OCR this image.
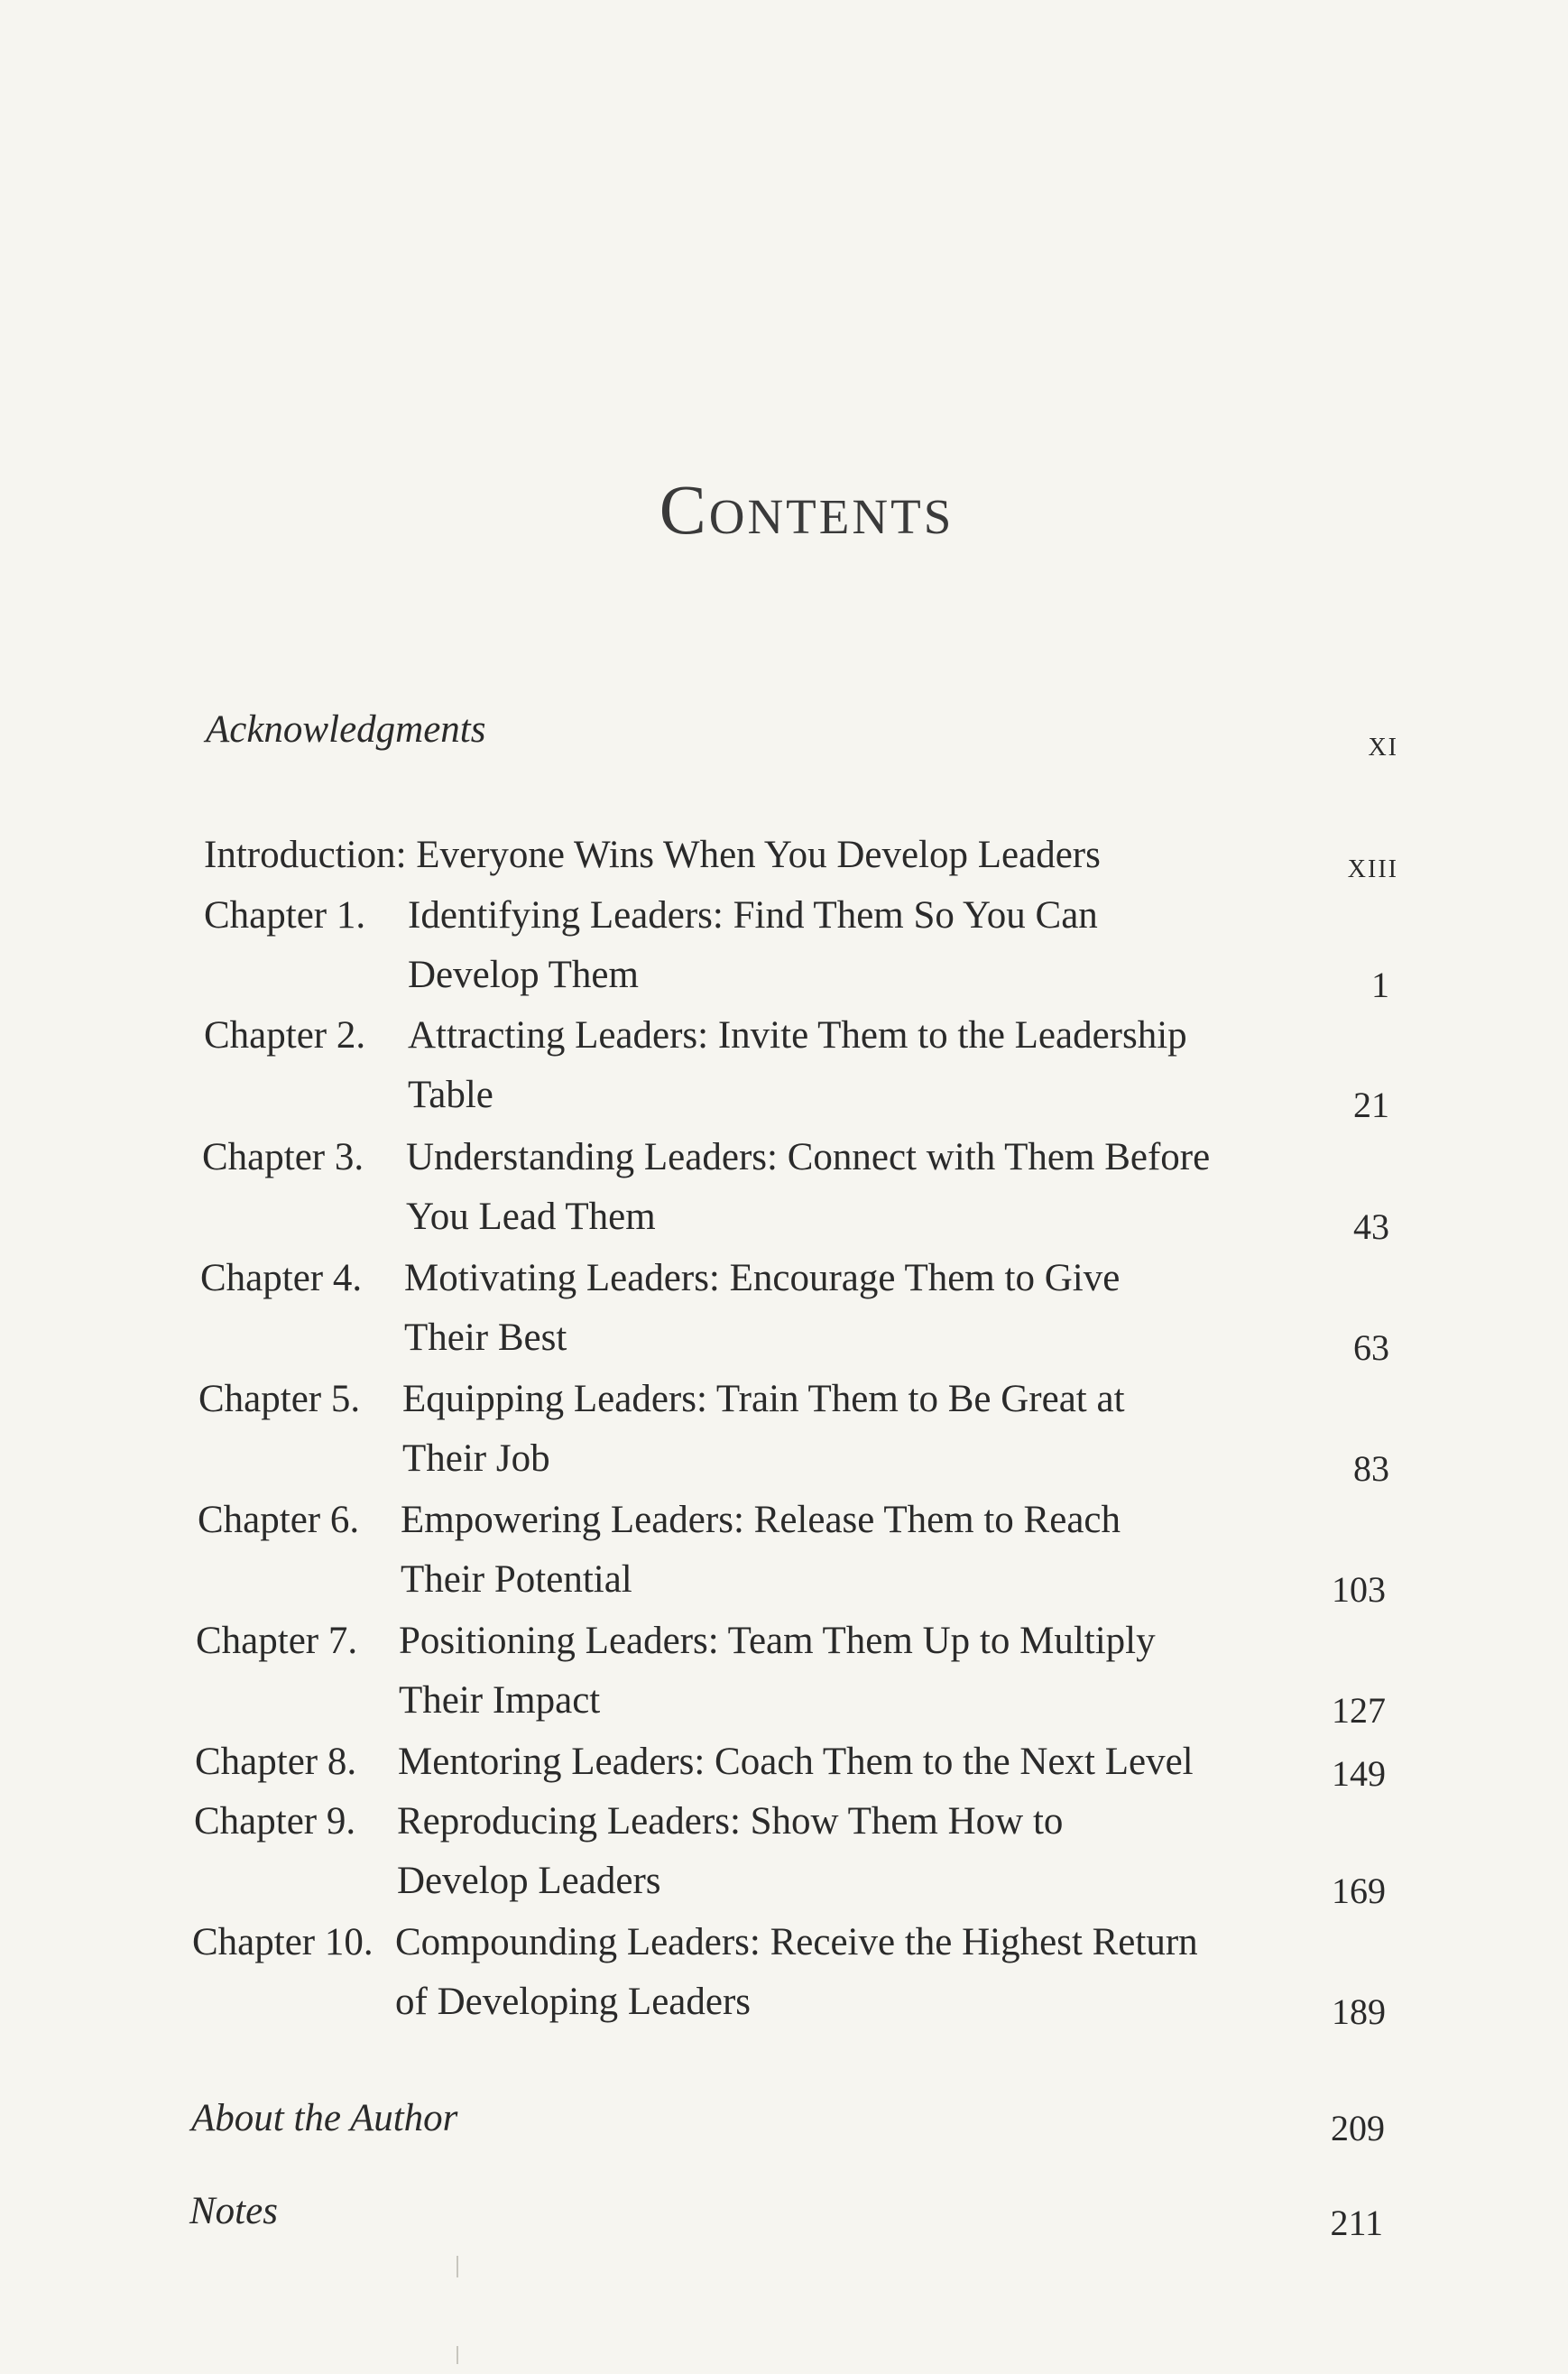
Contents
Acknowledgments	xi
Introduction: Everyone Wins When You Develop Leaders	xiii
Chapter 1. Identifying Leaders: Find Them So You Can
Develop Them	1
Chapter 2. Attracting Leaders: Invite Them to the Leadership
Table	21
Chapter 3. Understanding Leaders: Connect with Them Before
You Lead Them	43
Chapter 4. Motivating Leaders: Encourage Them to Give
Their Best	63
Chapter 5. Equipping Leaders: Train Them to Be Great at
Their Job	83
Chapter 6. Empowering Leaders: Release Them to Reach
Their Potential	103
Chapter 7. Positioning Leaders: Team Them Up to Multiply
Their Impact	127
Chapter 8. Mentoring Leaders: Coach Them to the Next Level	149
Chapter 9. Reproducing Leaders: Show Them How to
Develop Leaders	169
Chapter 10. Compounding Leaders: Receive the Highest Return
of Developing Leaders	189
About the Author	209
Notes	211
